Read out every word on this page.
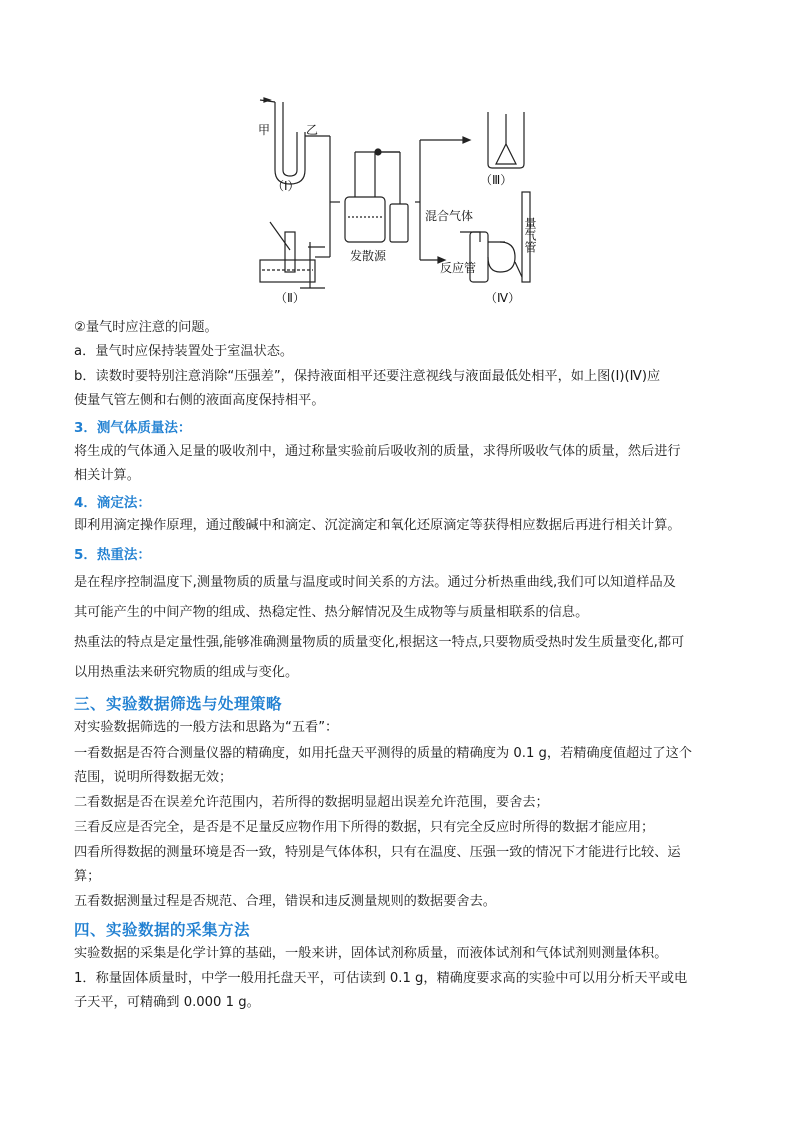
甲	乙
（Ⅰ）
（Ⅱ）
（Ⅲ）
（Ⅳ）
发散源
混合气体
反应管
量气管
②量气时应注意的问题。
a．量气时应保持装置处于室温状态。
b．读数时要特别注意消除“压强差”，保持液面相平还要注意视线与液面最低处相平，如上图(Ⅰ)(Ⅳ)应
使量气管左侧和右侧的液面高度保持相平。
3．测气体质量法：
将生成的气体通入足量的吸收剂中，通过称量实验前后吸收剂的质量，求得所吸收气体的质量，然后进行
相关计算。
4．滴定法：
即利用滴定操作原理，通过酸碱中和滴定、沉淀滴定和氧化还原滴定等获得相应数据后再进行相关计算。
5．热重法：
是在程序控制温度下,测量物质的质量与温度或时间关系的方法。通过分析热重曲线,我们可以知道样品及
其可能产生的中间产物的组成、热稳定性、热分解情况及生成物等与质量相联系的信息。
热重法的特点是定量性强,能够准确测量物质的质量变化,根据这一特点,只要物质受热时发生质量变化,都可
以用热重法来研究物质的组成与变化。
三、实验数据筛选与处理策略
对实验数据筛选的一般方法和思路为“五看”：
一看数据是否符合测量仪器的精确度，如用托盘天平测得的质量的精确度为 0.1 g，若精确度值超过了这个
范围，说明所得数据无效；
二看数据是否在误差允许范围内，若所得的数据明显超出误差允许范围，要舍去；
三看反应是否完全，是否是不足量反应物作用下所得的数据，只有完全反应时所得的数据才能应用；
四看所得数据的测量环境是否一致，特别是气体体积，只有在温度、压强一致的情况下才能进行比较、运
算；
五看数据测量过程是否规范、合理，错误和违反测量规则的数据要舍去。
四、实验数据的采集方法
实验数据的采集是化学计算的基础，一般来讲，固体试剂称质量，而液体试剂和气体试剂则测量体积。
1．称量固体质量时，中学一般用托盘天平，可估读到 0.1 g，精确度要求高的实验中可以用分析天平或电
子天平，可精确到 0.000 1 g。
